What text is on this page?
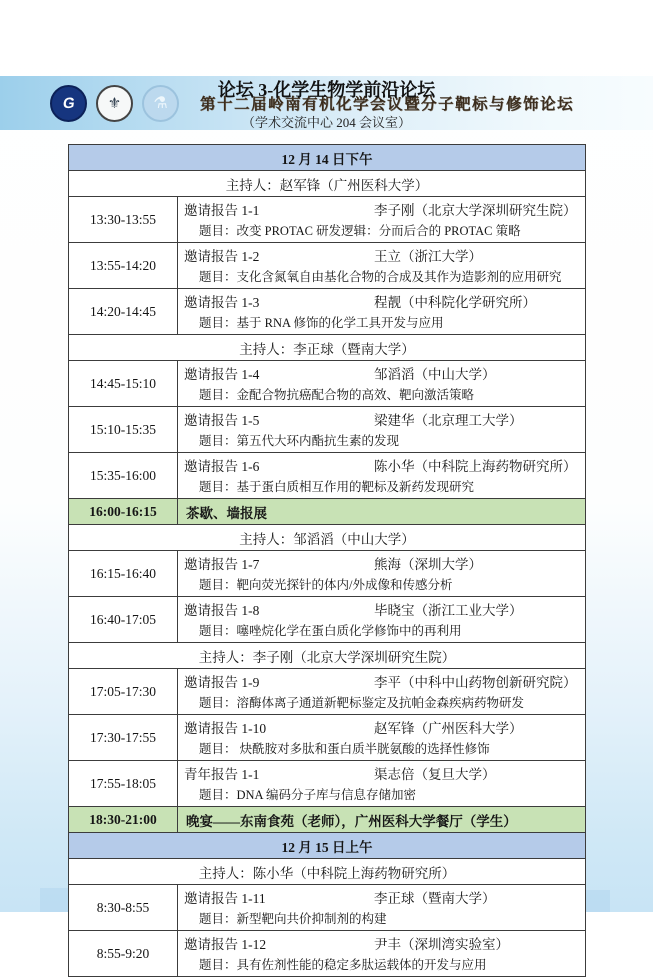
G ⚜ ⚗ 第十二届岭南有机化学会议暨分子靶标与修饰论坛
论坛 3-化学生物学前沿论坛
（学术交流中心 204 会议室）
12 月 14 日下午	
主持人：赵军锋（广州医科大学）	
13:30-13:55	邀请报告 1-1 李子刚（北京大学深圳研究生院）
题目：改变 PROTAC 研发逻辑：分而后合的 PROTAC 策略

13:55-14:20	邀请报告 1-2 王立（浙江大学）
题目：支化含氮氧自由基化合物的合成及其作为造影剂的应用研究

14:20-14:45	邀请报告 1-3 程靓（中科院化学研究所）
题目：基于 RNA 修饰的化学工具开发与应用

主持人：李正球（暨南大学）	
14:45-15:10	邀请报告 1-4 邹滔滔（中山大学）
题目：金配合物抗癌配合物的高效、靶向激活策略

15:10-15:35	邀请报告 1-5 梁建华（北京理工大学）
题目：第五代大环内酯抗生素的发现

15:35-16:00	邀请报告 1-6 陈小华（中科院上海药物研究所）
题目：基于蛋白质相互作用的靶标及新药发现研究

16:00-16:15	茶歇、墙报展
主持人：邹滔滔（中山大学）	
16:15-16:40	邀请报告 1-7 熊海（深圳大学）
题目：靶向荧光探针的体内/外成像和传感分析

16:40-17:05	邀请报告 1-8 毕晓宝（浙江工业大学）
题目：噻唑烷化学在蛋白质化学修饰中的再利用

主持人：李子刚（北京大学深圳研究生院）	
17:05-17:30	邀请报告 1-9 李平（中科中山药物创新研究院）
题目：溶酶体离子通道新靶标鉴定及抗帕金森疾病药物研发

17:30-17:55	邀请报告 1-10 赵军锋（广州医科大学）
题目： 炔酰胺对多肽和蛋白质半胱氨酸的选择性修饰

17:55-18:05	青年报告 1-1 渠志倍（复旦大学）
题目：DNA 编码分子库与信息存储加密

18:30-21:00	晚宴——东南食苑（老师），广州医科大学餐厅（学生）
12 月 15 日上午	
主持人：陈小华（中科院上海药物研究所）	
8:30-8:55	邀请报告 1-11 李正球（暨南大学）
题目：新型靶向共价抑制剂的构建

8:55-9:20	邀请报告 1-12 尹丰（深圳湾实验室）
题目：具有佐剂性能的稳定多肽运载体的开发与应用
